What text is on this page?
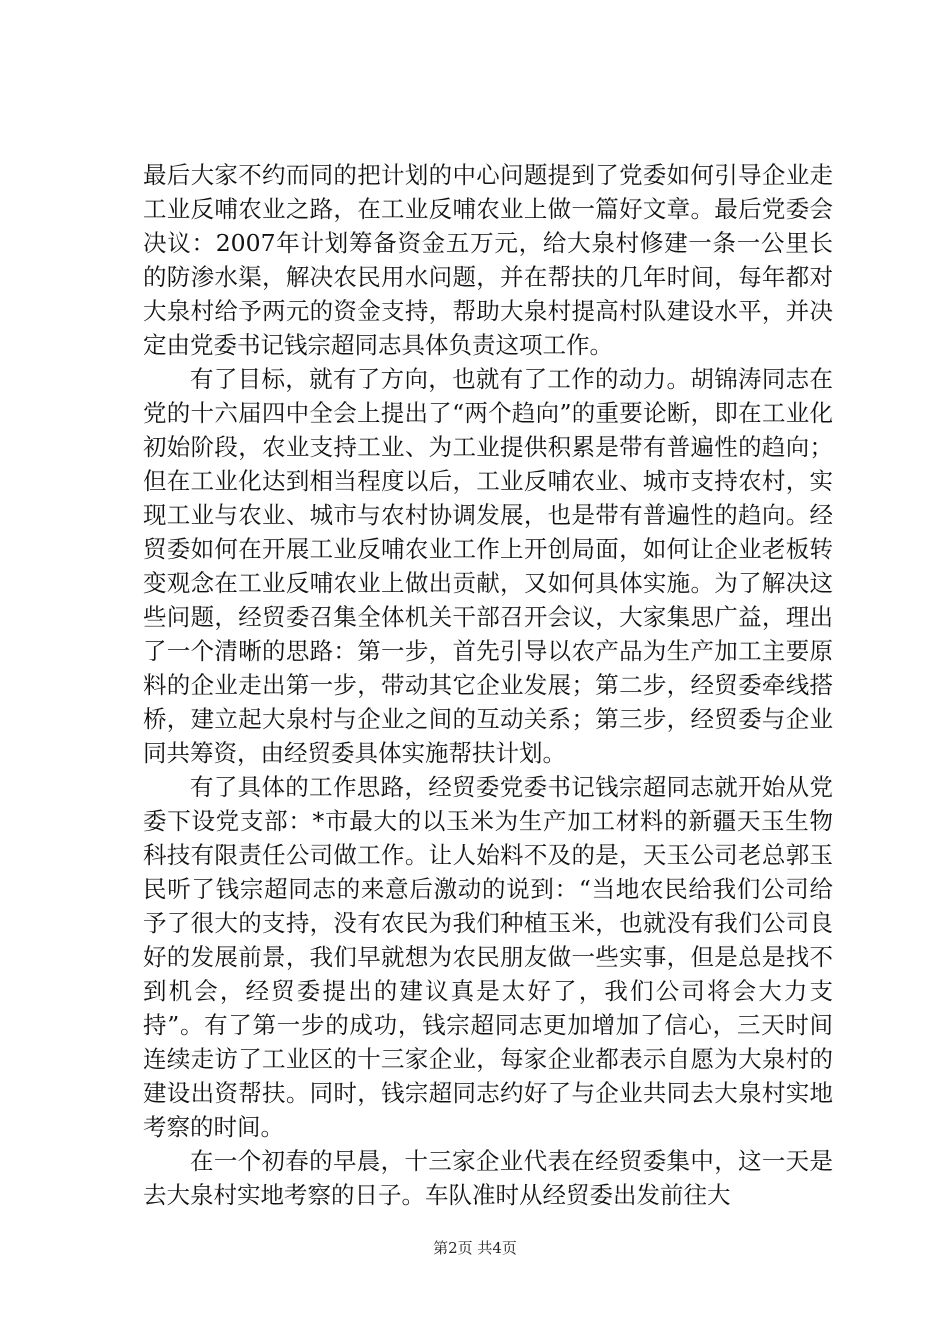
最后大家不约而同的把计划的中心问题提到了党委如何引导企业走工业反哺农业之路，在工业反哺农业上做一篇好文章。最后党委会决议：2007年计划筹备资金五万元，给大泉村修建一条一公里长的防渗水渠，解决农民用水问题，并在帮扶的几年时间，每年都对大泉村给予两元的资金支持，帮助大泉村提高村队建设水平，并决定由党委书记钱宗超同志具体负责这项工作。

有了目标，就有了方向，也就有了工作的动力。胡锦涛同志在党的十六届四中全会上提出了“两个趋向”的重要论断，即在工业化初始阶段，农业支持工业、为工业提供积累是带有普遍性的趋向；但在工业化达到相当程度以后，工业反哺农业、城市支持农村，实现工业与农业、城市与农村协调发展，也是带有普遍性的趋向。经贸委如何在开展工业反哺农业工作上开创局面，如何让企业老板转变观念在工业反哺农业上做出贡献，又如何具体实施。为了解决这些问题，经贸委召集全体机关干部召开会议，大家集思广益，理出了一个清晰的思路：第一步，首先引导以农产品为生产加工主要原料的企业走出第一步，带动其它企业发展；第二步，经贸委牵线搭桥，建立起大泉村与企业之间的互动关系；第三步，经贸委与企业同共筹资，由经贸委具体实施帮扶计划。

有了具体的工作思路，经贸委党委书记钱宗超同志就开始从党委下设党支部：*市最大的以玉米为生产加工材料的新疆天玉生物科技有限责任公司做工作。让人始料不及的是，天玉公司老总郭玉民听了钱宗超同志的来意后激动的说到：“当地农民给我们公司给予了很大的支持，没有农民为我们种植玉米，也就没有我们公司良好的发展前景，我们早就想为农民朋友做一些实事，但是总是找不到机会，经贸委提出的建议真是太好了，我们公司将会大力支持”。有了第一步的成功，钱宗超同志更加增加了信心，三天时间连续走访了工业区的十三家企业，每家企业都表示自愿为大泉村的建设出资帮扶。同时，钱宗超同志约好了与企业共同去大泉村实地考察的时间。

在一个初春的早晨，十三家企业代表在经贸委集中，这一天是去大泉村实地考察的日子。车队准时从经贸委出发前往大

第2页 共4页
